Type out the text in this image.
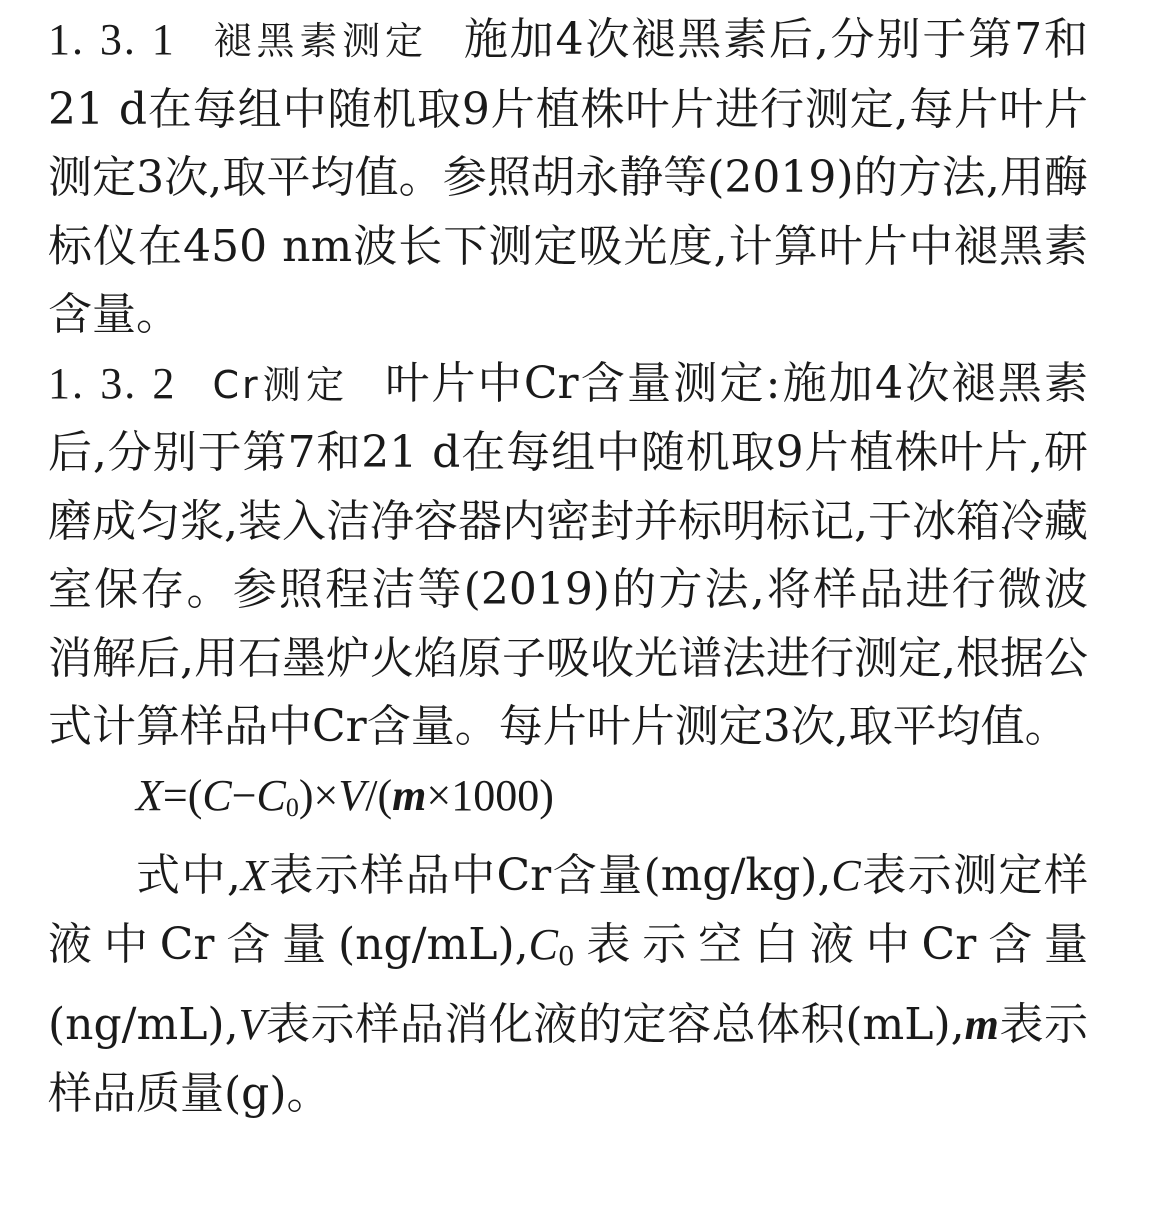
1. 3. 1 褪黑素测定 施加4次褪黑素后,分别于第7和21 d在每组中随机取9片植株叶片进行测定,每片叶片测定3次,取平均值。参照胡永静等(2019)的方法,用酶标仪在450 nm波长下测定吸光度,计算叶片中褪黑素含量。

1. 3. 2 Cr测定 叶片中Cr含量测定:施加4次褪黑素后,分别于第7和21 d在每组中随机取9片植株叶片,研磨成匀浆,装入洁净容器内密封并标明标记,于冰箱冷藏室保存。参照程洁等(2019)的方法,将样品进行微波消解后,用石墨炉火焰原子吸收光谱法进行测定,根据公式计算样品中Cr含量。每片叶片测定3次,取平均值。

$X=(C-C_0)\times V/(m\times 1000)$

式中,X表示样品中Cr含量(mg/kg),C表示测定样液中Cr含量$(ng/mL),C_0$表示空白液中Cr含量(ng/mL),V表示样品消化液的定容总体积(mL),m表示样品质量(g)。
